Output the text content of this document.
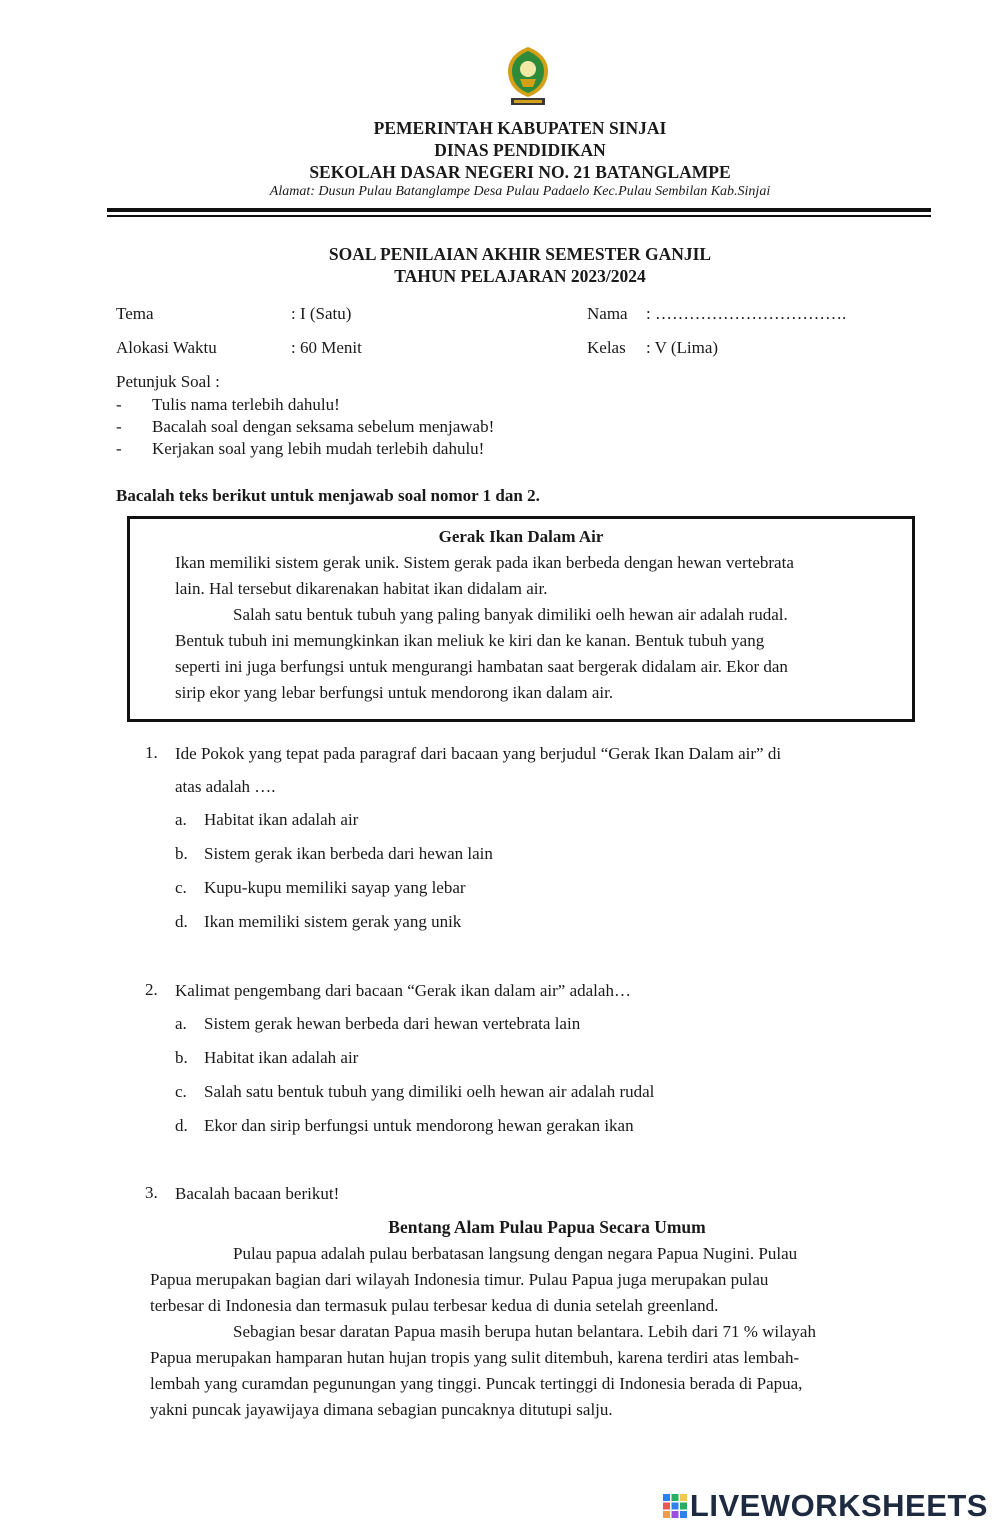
PEMERINTAH KABUPATEN SINJAI
DINAS PENDIDIKAN
SEKOLAH DASAR NEGERI NO. 21 BATANGLAMPE
Alamat: Dusun Pulau Batanglampe Desa Pulau Padaelo Kec.Pulau Sembilan Kab.Sinjai
SOAL PENILAIAN AKHIR SEMESTER GANJIL
TAHUN PELAJARAN 2023/2024
Tema	: I (Satu)	Nama : …………………………….
Alokasi Waktu	: 60 Menit	Kelas : V (Lima)
Petunjuk Soal :
- Tulis nama terlebih dahulu!
- Bacalah soal dengan seksama sebelum menjawab!
- Kerjakan soal yang lebih mudah terlebih dahulu!
Bacalah teks berikut untuk menjawab soal nomor 1 dan 2.
Gerak Ikan Dalam Air
Ikan memiliki sistem gerak unik. Sistem gerak pada ikan berbeda dengan hewan vertebrata
lain. Hal tersebut dikarenakan habitat ikan didalam air.
Salah satu bentuk tubuh yang paling banyak dimiliki oelh hewan air adalah rudal.
Bentuk tubuh ini memungkinkan ikan meliuk ke kiri dan ke kanan. Bentuk tubuh yang
seperti ini juga berfungsi untuk mengurangi hambatan saat bergerak didalam air. Ekor dan
sirip ekor yang lebar berfungsi untuk mendorong ikan dalam air.
1. Ide Pokok yang tepat pada paragraf dari bacaan yang berjudul “Gerak Ikan Dalam air” di
atas adalah ….
a. Habitat ikan adalah air
b. Sistem gerak ikan berbeda dari hewan lain
c. Kupu-kupu memiliki sayap yang lebar
d. Ikan memiliki sistem gerak yang unik
2. Kalimat pengembang dari bacaan “Gerak ikan dalam air” adalah…
a. Sistem gerak hewan berbeda dari hewan vertebrata lain
b. Habitat ikan adalah air
c. Salah satu bentuk tubuh yang dimiliki oelh hewan air adalah rudal
d. Ekor dan sirip berfungsi untuk mendorong hewan gerakan ikan
3. Bacalah bacaan berikut!
Bentang Alam Pulau Papua Secara Umum
Pulau papua adalah pulau berbatasan langsung dengan negara Papua Nugini. Pulau
Papua merupakan bagian dari wilayah Indonesia timur. Pulau Papua juga merupakan pulau
terbesar di Indonesia dan termasuk pulau terbesar kedua di dunia setelah greenland.
Sebagian besar daratan Papua masih berupa hutan belantara. Lebih dari 71 % wilayah
Papua merupakan hamparan hutan hujan tropis yang sulit ditembuh, karena terdiri atas lembah-
lembah yang curamdan pegunungan yang tinggi. Puncak tertinggi di Indonesia berada di Papua,
yakni puncak jayawijaya dimana sebagian puncaknya ditutupi salju.
LIVEWORKSHEETS
